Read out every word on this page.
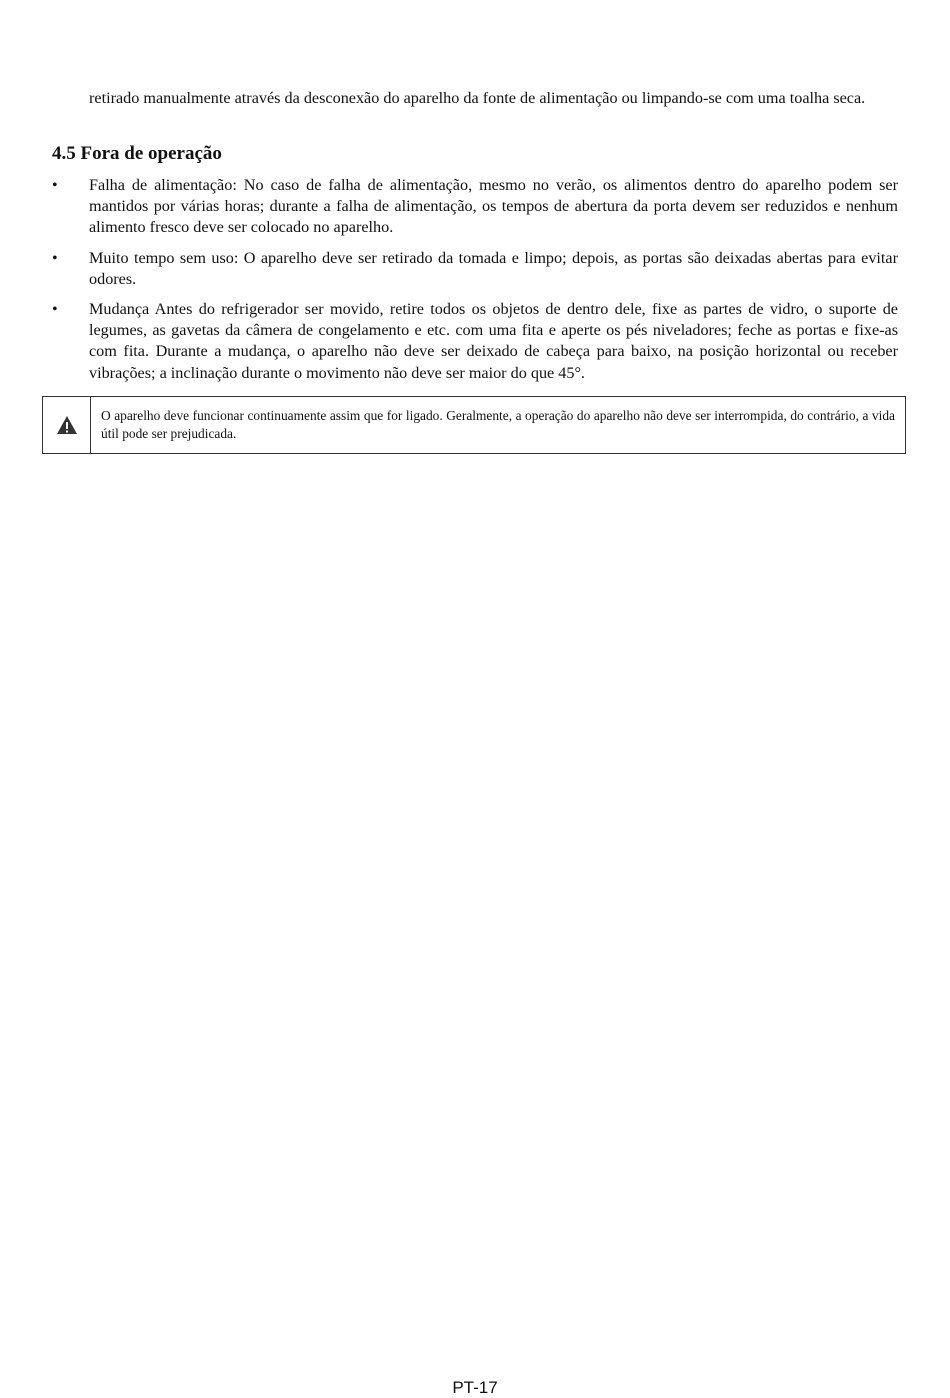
retirado manualmente através da desconexão do aparelho da fonte de alimentação ou limpando-se com uma toalha seca.

4.5 Fora de operação
• Falha de alimentação: No caso de falha de alimentação, mesmo no verão, os alimentos dentro do aparelho podem ser mantidos por várias horas; durante a falha de alimentação, os tempos de abertura da porta devem ser reduzidos e nenhum alimento fresco deve ser colocado no aparelho.
• Muito tempo sem uso: O aparelho deve ser retirado da tomada e limpo; depois, as portas são deixadas abertas para evitar odores.
• Mudança Antes do refrigerador ser movido, retire todos os objetos de dentro dele, fixe as partes de vidro, o suporte de legumes, as gavetas da câmera de congelamento e etc. com uma fita e aperte os pés niveladores; feche as portas e fixe-as com fita. Durante a mudança, o aparelho não deve ser deixado de cabeça para baixo, na posição horizontal ou receber vibrações; a inclinação durante o movimento não deve ser maior do que 45°.
O aparelho deve funcionar continuamente assim que for ligado. Geralmente, a operação do aparelho não deve ser interrompida, do contrário, a vida útil pode ser prejudicada.
PT-17
